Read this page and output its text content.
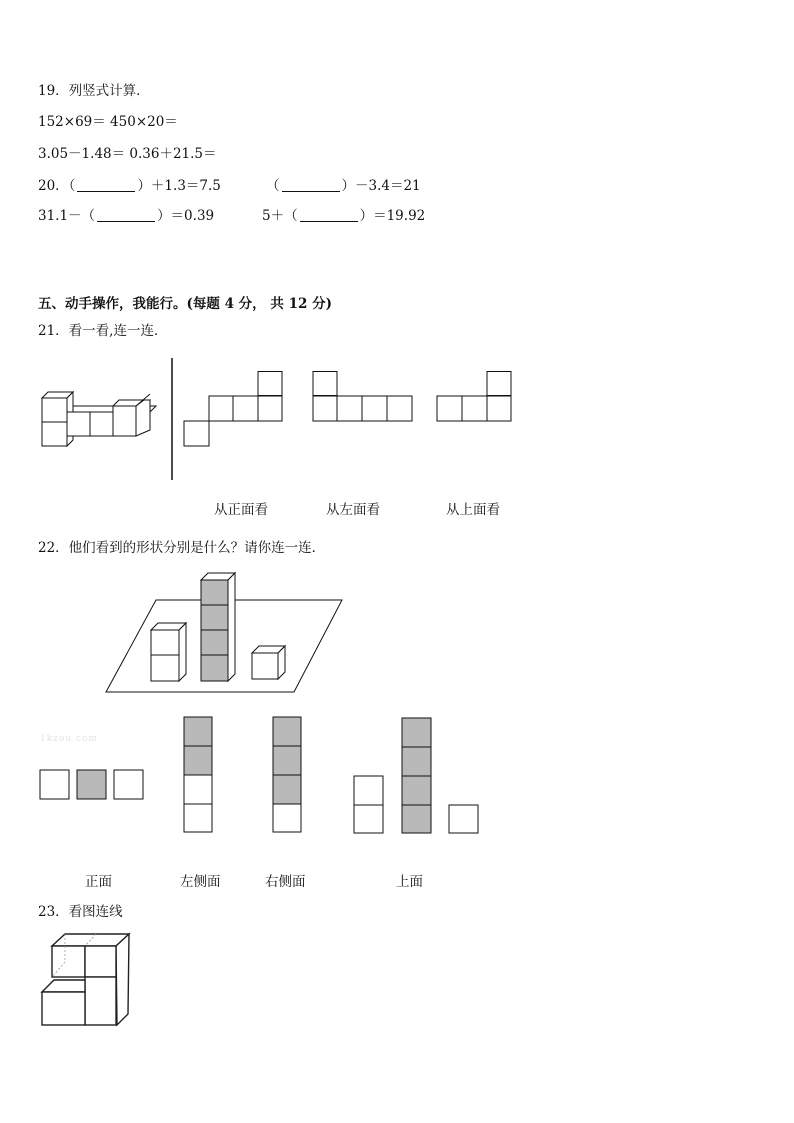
19．列竖式计算．
152×69＝ 450×20＝
3.05－1.48＝ 0.36＋21.5＝
20．（	）＋1.3＝7.5	（	）－3.4＝21
31.1－（	）＝0.39	5＋（	）＝19.92
五、动手操作，我能行。(每题 4 分， 共 12 分)
21．看一看,连一连．
从正面看	从左面看	从上面看
22．他们看到的形状分别是什么？请你连一连．
1kzou.com
正面	左侧面	右侧面	上面
23．看图连线
